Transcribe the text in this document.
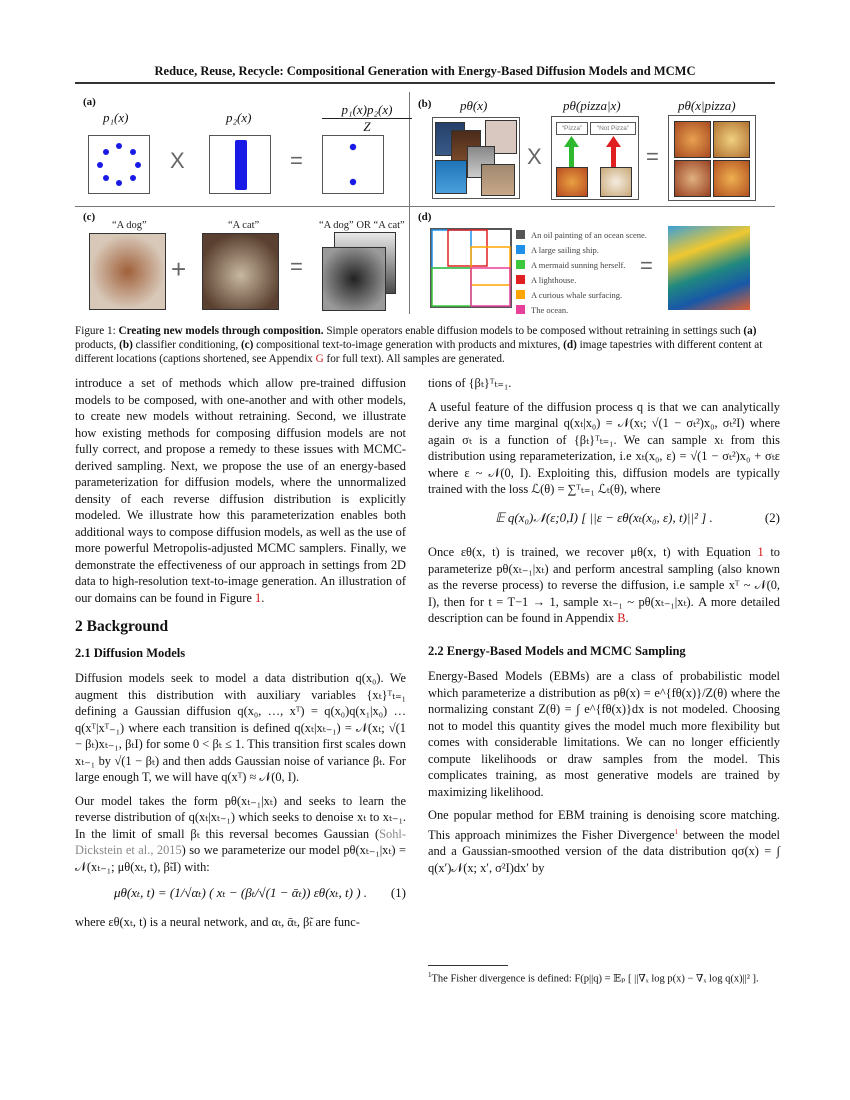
Reduce, Reuse, Recycle: Compositional Generation with Energy-Based Diffusion Models and MCMC
(a)
p₁(x)	p₂(x)
p₁(x)p₂(x)
Z
X	=
(b) pθ(x)	pθ(pizza|x)	pθ(x|pizza)
X
“Pizza”	“Not Pizza”
=
(c)
“A dog”	“A cat”	“A dog” OR “A cat”
+	=
(d)
An oil painting of an ocean scene.
A large sailing ship.
A mermaid sunning herself.
A lighthouse.
A curious whale surfacing.
The ocean.
=
Figure 1: Creating new models through composition. Simple operators enable diffusion models to be composed without retraining in settings such (a) products, (b) classifier conditioning, (c) compositional text-to-image generation with products and mixtures, (d) image tapestries with different content at different locations (captions shortened, see Appendix G for full text). All samples are generated.

introduce a set of methods which allow pre-trained diffusion models to be composed, with one-another and with other models, to create new models without retraining. Second, we illustrate how existing methods for composing diffusion models are not fully correct, and propose a remedy to these issues with MCMC-derived sampling. Next, we propose the use of an energy-based parameterization for diffusion models, where the unnormalized density of each reverse diffusion distribution is explicitly modeled. We illustrate how this parameterization enables both additional ways to compose diffusion models, as well as the use of more powerful Metropolis-adjusted MCMC samplers. Finally, we demonstrate the effectiveness of our approach in settings from 2D data to high-resolution text-to-image generation. An illustration of our domains can be found in Figure 1.

2 Background
2.1 Diffusion Models

Diffusion models seek to model a data distribution q(x₀). We augment this distribution with auxiliary variables {xₜ}ᵀₜ₌₁ defining a Gaussian diffusion q(x₀, …, xᵀ) = q(x₀)q(x₁|x₀) … q(xᵀ|xᵀ₋₁) where each transition is defined q(xₜ|xₜ₋₁) = 𝒩(xₜ; √(1 − βₜ)xₜ₋₁, βₜI) for some 0 < βₜ ≤ 1. This transition first scales down xₜ₋₁ by √(1 − βₜ) and then adds Gaussian noise of variance βₜ. For large enough T, we will have q(xᵀ) ≈ 𝒩(0, I).

Our model takes the form pθ(xₜ₋₁|xₜ) and seeks to learn the reverse distribution of q(xₜ|xₜ₋₁) which seeks to denoise xₜ to xₜ₋₁. In the limit of small βₜ this reversal becomes Gaussian (Sohl-Dickstein et al., 2015) so we parameterize our model pθ(xₜ₋₁|xₜ) = 𝒩(xₜ₋₁; μθ(xₜ, t), β̃ₜI) with:

μθ(xₜ, t) = (1/√αₜ) ( xₜ − (βₜ/√(1 − ᾱₜ)) εθ(xₜ, t) ) . (1)

where εθ(xₜ, t) is a neural network, and αₜ, ᾱₜ, β̃ₜ are func-

tions of {βₜ}ᵀₜ₌₁.

A useful feature of the diffusion process q is that we can analytically derive any time marginal q(xₜ|x₀) = 𝒩(xₜ; √(1 − σₜ²)x₀, σₜ²I) where again σₜ is a function of {βₜ}ᵀₜ₌₁. We can sample xₜ from this distribution using reparameterization, i.e xₜ(x₀, ε) = √(1 − σₜ²)x₀ + σₜε where ε ~ 𝒩(0, I). Exploiting this, diffusion models are typically trained with the loss ℒ(θ) = ∑ᵀₜ₌₁ ℒₜ(θ), where

𝔼 q(x₀)𝒩(ε;0,I) [ ||ε − εθ(xₜ(x₀, ε), t)||² ] .	(2)

Once εθ(x, t) is trained, we recover μθ(x, t) with Equation 1 to parameterize pθ(xₜ₋₁|xₜ) and perform ancestral sampling (also known as the reverse process) to reverse the diffusion, i.e sample xᵀ ~ 𝒩(0, I), then for t = T−1 → 1, sample xₜ₋₁ ~ pθ(xₜ₋₁|xₜ). A more detailed description can be found in Appendix B.

2.2 Energy-Based Models and MCMC Sampling

Energy-Based Models (EBMs) are a class of probabilistic model which parameterize a distribution as pθ(x) = e^{fθ(x)}/Z(θ) where the normalizing constant Z(θ) = ∫ e^{fθ(x)}dx is not modeled. Choosing not to model this quantity gives the model much more flexibility but comes with considerable limitations. We can no longer efficiently compute likelihoods or draw samples from the model. This complicates training, as most generative models are trained by maximizing likelihood.

One popular method for EBM training is denoising score matching. This approach minimizes the Fisher Divergence$^1$ between the model and a Gaussian-smoothed version of the data distribution qσ(x) = ∫ q(x′)𝒩(x; x′, σ²I)dx′ by

$^1$The Fisher divergence is defined: F(p||q) = 𝔼ₚ [ ||∇ₓ log p(x) − ∇ₓ log q(x)||² ].
